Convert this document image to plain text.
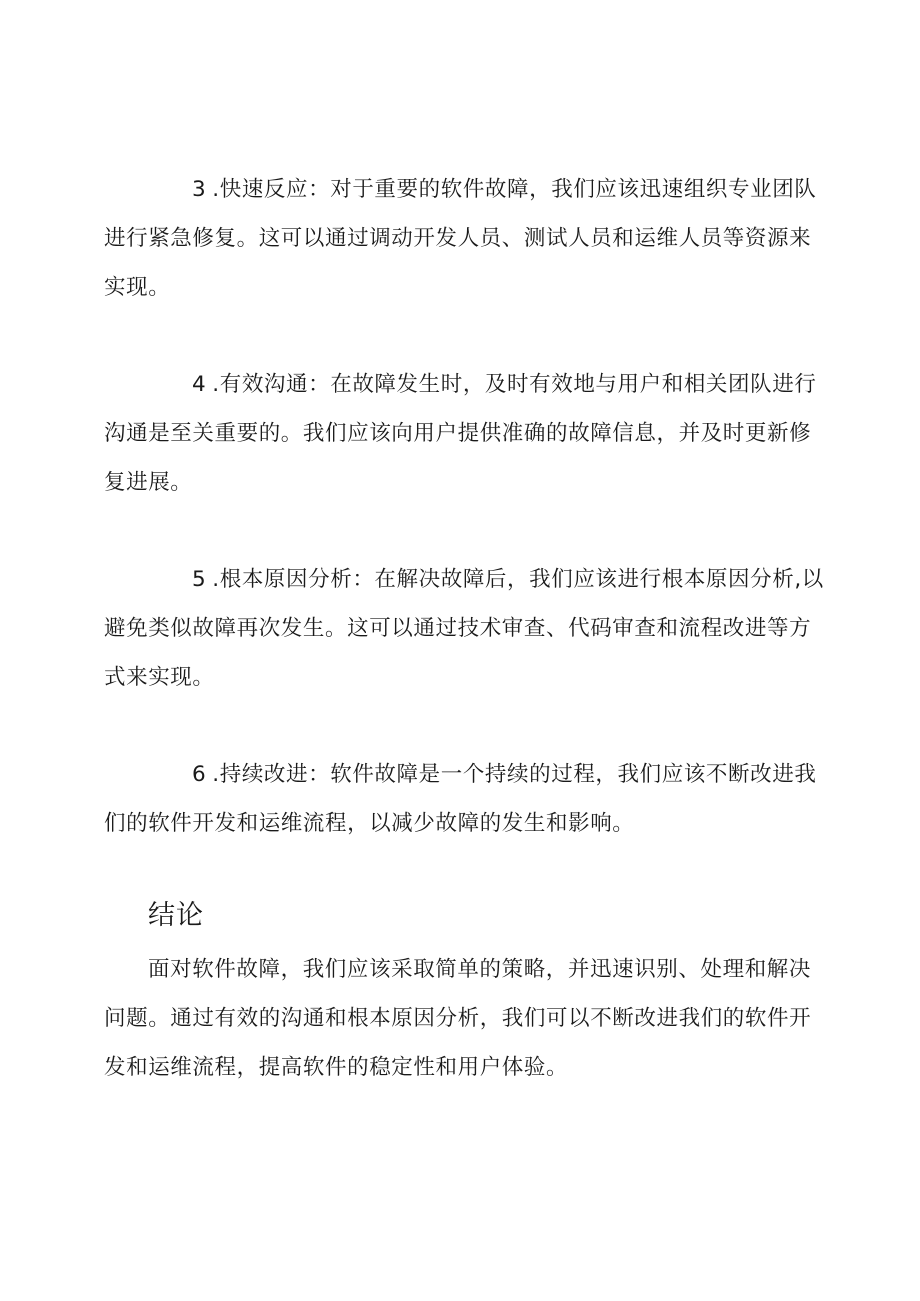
3 .快速反应：对于重要的软件故障，我们应该迅速组织专业团队进行紧急修复。这可以通过调动开发人员、测试人员和运维人员等资源来实现。

4 .有效沟通：在故障发生时，及时有效地与用户和相关团队进行沟通是至关重要的。我们应该向用户提供准确的故障信息，并及时更新修复进展。

5 .根本原因分析：在解决故障后，我们应该进行根本原因分析,以避免类似故障再次发生。这可以通过技术审查、代码审查和流程改进等方式来实现。

6 .持续改进：软件故障是一个持续的过程，我们应该不断改进我们的软件开发和运维流程，以减少故障的发生和影响。

结论

面对软件故障，我们应该采取简单的策略，并迅速识别、处理和解决问题。通过有效的沟通和根本原因分析，我们可以不断改进我们的软件开发和运维流程，提高软件的稳定性和用户体验。
